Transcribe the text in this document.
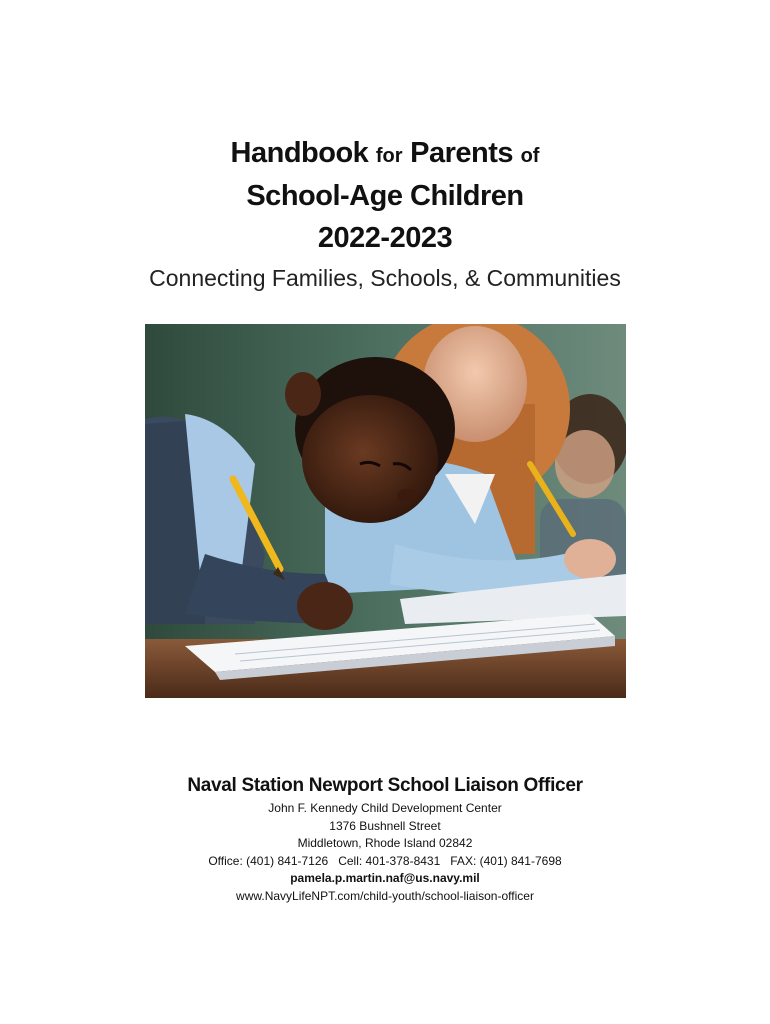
Handbook for Parents of
School-Age Children
2022-2023
Connecting Families, Schools, & Communities
Naval Station Newport School Liaison Officer
John F. Kennedy Child Development Center
1376 Bushnell Street
Middletown, Rhode Island 02842
Office: (401) 841-7126 Cell: 401-378-8431 FAX: (401) 841-7698
pamela.p.martin.naf@us.navy.mil
www.NavyLifeNPT.com/child-youth/school-liaison-officer
